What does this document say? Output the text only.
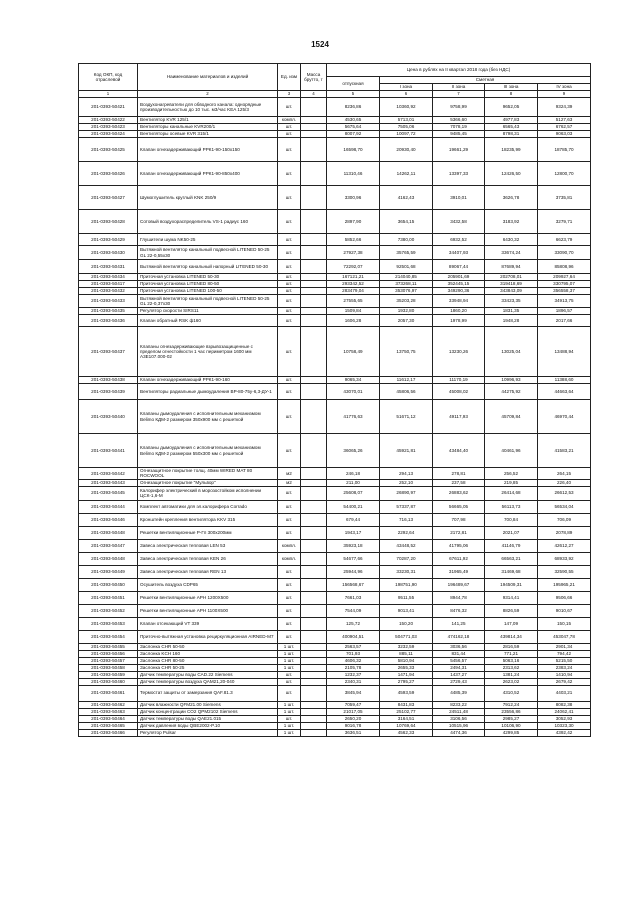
1524
Код ОКП, код отраслевой	Наименование материалов и изделий	Ед. изм	Масса брутто, т	Цена в рублях на II квартал 2018 года (без НДС)				
				отпускная	Сметная			
					I зона	II зона	III зона	IV зона
1	2	3	4	5	6	7	8	9
201-0393-50421	Воздухонагреватели для обводного канала: однорядные производительностью до 10 тыс. м3/час KEA 125/3	шт.		8236,86	10360,92	9758,99	9652,05	9324,39
201-0393-50422	Вентилятор KVR 125/1	компл.		4530,65	5713,01	5366,60	4977,83	5127,63
201-0393-50423	Вентиляторы канальные KVR200/1	шт.		5675,64	7505,06	7078,19	6565,43	6762,57
201-0393-50424	Вентиляторы осевые KVR 315/1	шт.		8007,92	10097,72	9485,45	8798,31	9063,03
201-0393-50425	Клапан огнезадерживающий РРК1-90-150х150	шт.		16598,70	20930,40	19661,29	18235,99	18785,70
201-0393-50426	Клапан огнезадерживающий РРК1-90-850х400	шт.		11310,46	14262,11	13397,33	12426,50	12800,70
201-0393-50427	Шумоглушитель круглый KNK 250/9	шт.		3300,96	4162,43	3910,01	3626,78	3735,81
201-0393-50428	Сотовый воздухораспределитель VS-1 радиус 160	шт.		2897,90	3654,15	3432,58	3183,92	3279,71
201-0393-50429	Глушители шума NK50-25	шт.		5852,66	7380,00	6932,52	6430,32	6623,79
201-0393-50430	Вытяжной вентилятор канальный подвесной LITENED 50-25 GL 22-0,55х30	шт.		27927,38	35765,59	34407,93	33674,24	33090,70
201-0393-50431	Вытяжной вентилятор канальный напорный LITENED 50-30	шт.		72292,07	92501,68	89067,44	87689,94	85808,96
201-0393-50434	Приточная установка LITENED 50-30	шт.		167121,21	214040,85	205901,69	202708,01	209927,64
201-0393-50417	Приточная установка LITENED 80-50	шт.		293342,52	373268,11	352445,15	319418,69	330795,07
201-0393-50432	Приточная установка LITENED 100-50	шт.		283479,04	353076,97	349290,36	343843,09	356558,37
201-0393-50433	Вытяжной вентилятор канальный подвесной LITENED 50-25 GL 22-0,37х30	шт.		27555,65	35203,28	33948,94	33423,35	34913,75
201-0393-50435	Регулятор скорости SIRS11	шт.		1509,84	1932,80	1860,20	1831,35	1896,57
201-0393-50436	Клапан обратный RSK ф160	шт.		1606,28	2057,30	1978,99	1948,28	2017,66
201-0393-50437	Клапаны огнезадерживающие взрывозащищенные с пределом огнестойкости 1 час периметром 1600 мм А3Е107.000-02	шт.		10758,49	13750,75	13230,26	13025,04	13488,94
201-0393-50438	Клапан огнезадерживающий РРК1-90-160	шт.		9065,34	11612,17	11170,19	10996,93	11388,60
201-0393-50439	Вентиляторы радиальные дымоудаления ВР-80-75у-6,3-ДУ-1	шт.		43070,01	45806,56	45008,02	44275,92	44663,64
201-0393-50440	Клапаны дымоудаления с исполнительным механизмом Belimo КДМ-2 размером 350х900 мм с решеткой	шт.		41776,63	51671,12	49117,93	45709,84	46970,44
201-0393-50441	Клапаны дымоудаления с исполнительным механизмом Belimo КДМ-2 размером 550х300 мм с решеткой	шт.		36065,26	45921,81	43484,40	40461,96	41583,21
201-0393-50442	Огнезащитное покрытие толщ. 40мм WIRED MAT 80 ROCWOOL	м2		246,18	294,13	278,81	256,52	264,15
201-0393-50443	Огнезащитное покрытие "Мульвор"	м2		211,00	252,10	237,58	219,85	226,40
201-0393-50445	Калорифер электрический в морозостойком исполнении ЦСК-1,6-М	шт.		25608,07	26890,97	26883,62	26414,68	26612,53
201-0393-50444	Комплект автоматики для эл.калорифера Corrado	шт.		54400,21	57337,87	56665,05	56113,73	56534,04
201-0393-50446	Кронштейн крепления вентилятора KKV 315	шт.		679,44	716,13	707,98	700,84	706,09
201-0393-50448	Решетки вентиляционные Р-Гп 300х200мм	шт.		1943,17	2292,64	2172,81	2021,07	2078,89
201-0393-50447	Завеса электрическая тепловая LEN 53	компл.		35923,18	43448,52	41795,06	41146,79	42612,27
201-0393-50448	Завеса электрическая тепловая KEN 26	компл.		54677,66	70287,20	67611,92	66563,21	68933,92
201-0393-50449	Завеса электрическая тепловая REN 13	шт.		25944,96	33230,31	31965,49	31469,68	32590,55
201-0393-50450	Осушитель воздуха CDP65	шт.		156568,67	198751,90	196489,67	194509,31	195965,21
201-0393-50451	Решетки вентиляционные АРН 1200Х500	шт.		7661,03	9511,55	8944,78	9314,41	9506,66
201-0393-50452	Решетки вентиляционные АРН 1100Х500	шт.		7544,09	9013,41	8476,32	8826,59	9010,67
201-0393-50453	Клапан отсекающий VT 339	шт.		125,72	150,20	141,25	147,09	150,15
201-0393-50454	Приточно-вытяжная установка рециркуляционная AIRNED-M7	шт.		400904,51	504771,03	474162,18	439814,34	453047,78
201-0393-50455	Заслонка CHR 50-50	1 шт.		2563,57	3232,59	3036,56	2816,59	2901,34
201-0393-50456	Заслонка KCH 160	1 шт.		701,93	885,11	831,44	771,21	794,42
201-0393-50457	Заслонка CHR 80-50	1 шт.		4606,32	5810,94	5456,57	5063,16	5215,50
201-0393-50458	Заслонка CHR 50-25	1 шт.		2105,78	2655,33	2494,31	2313,62	2383,24
201-0393-50459	Датчик температуры воды CAD.22 Siemens	шт.		1232,37	1471,94	1437,27	1381,24	1410,94
201-0393-50460	Датчик температуры воздуха QAM21,20-040	шт.		2340,31	2795,27	2729,43	2623,02	2679,42
201-0393-50461	Термостат защиты от замерзания QAF.81.3	шт.		3845,94	4593,59	4485,39	4310,52	4403,21
201-0393-50462	Датчик влажности QFM21.00 Siemens	1 шт.		7059,47	8431,83	8233,22	7912,24	8082,38
201-0393-50463	Датчик концентрации CO2 QPM2102 Siemens	1 шт.		21017,05	25102,77	24511,48	23556,86	24062,41
201-0393-50464	Датчик температуры воды QAE21.015	шт.		2650,20	3164,51	3106,56	2985,27	3052,93
201-0393-50465	Датчик давления воды QBE2002-P.10	1 шт.		9016,78	10769,64	10515,96	10106,90	10323,30
201-0393-50466	Регулятор Pulsar	1 шт.		3636,51	4562,33	4474,36	4299,85	4392,42
